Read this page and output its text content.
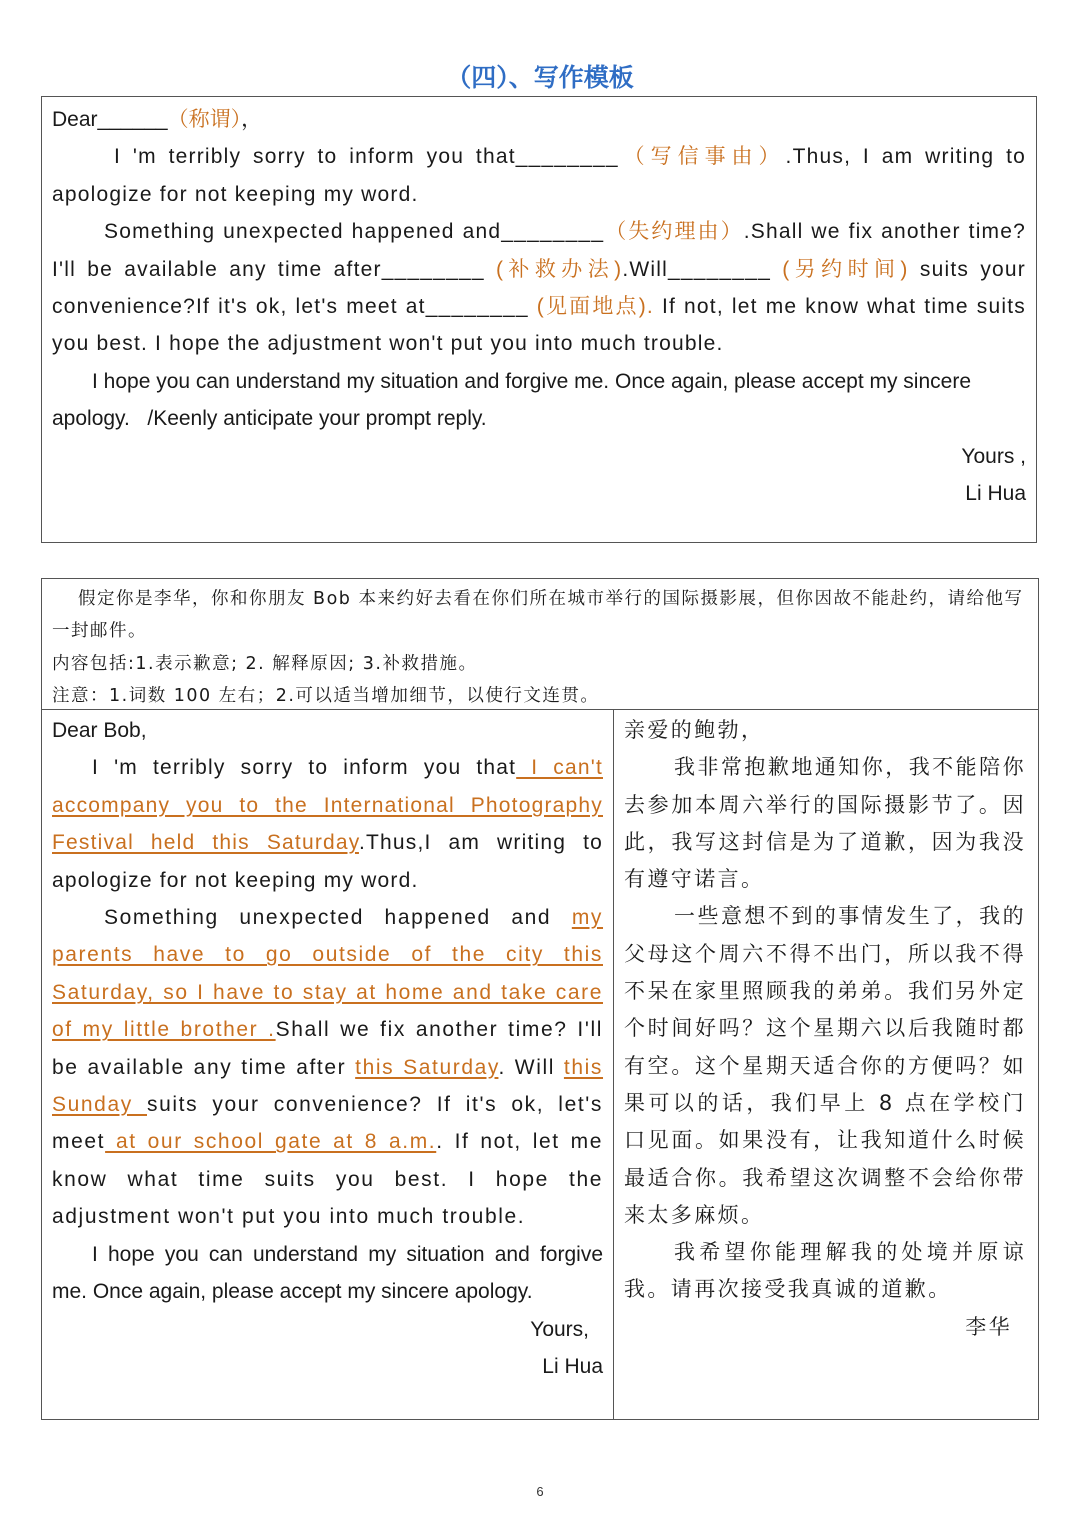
（四）、写作模板

Dear______（称谓），

I 'm terribly sorry to inform you that________（写信事由）.Thus, I am writing to apologize for not keeping my word.

Something unexpected happened and________（失约理由）.Shall we fix another time? I'll be available any time after________ (补救办法).Will________ (另约时间) suits your convenience?If it's ok, let's meet at________ (见面地点). If not, let me know what time suits you best. I hope the adjustment won't put you into much trouble.

I hope you can understand my situation and forgive me. Once again, please accept my sincere apology. /Keenly anticipate your prompt reply.

Yours ,

Li Hua

假定你是李华，你和你朋友 Bob 本来约好去看在你们所在城市举行的国际摄影展，但你因故不能赴约，请给他写一封邮件。
内容包括:1.表示歉意; 2. 解释原因; 3.补救措施。
注意：1.词数 100 左右；2.可以适当增加细节，以使行文连贯。

Dear Bob,

I 'm terribly sorry to inform you that I can't accompany you to the International Photography Festival held this Saturday.Thus,I am writing to apologize for not keeping my word.

Something unexpected happened and my parents have to go outside of the city this Saturday, so I have to stay at home and take care of my little brother .Shall we fix another time? I'll be available any time after this Saturday. Will this Sunday suits your convenience? If it's ok, let's meet at our school gate at 8 a.m.. If not, let me know what time suits you best. I hope the adjustment won't put you into much trouble.

I hope you can understand my situation and forgive me. Once again, please accept my sincere apology.

Yours,

Li Hua

亲爱的鲍勃，

我非常抱歉地通知你，我不能陪你去参加本周六举行的国际摄影节了。因此，我写这封信是为了道歉，因为我没有遵守诺言。

一些意想不到的事情发生了，我的父母这个周六不得不出门，所以我不得不呆在家里照顾我的弟弟。我们另外定个时间好吗？这个星期六以后我随时都有空。这个星期天适合你的方便吗？如果可以的话，我们早上 8 点在学校门口见面。如果没有，让我知道什么时候最适合你。我希望这次调整不会给你带来太多麻烦。

我希望你能理解我的处境并原谅我。请再次接受我真诚的道歉。

李华

6
